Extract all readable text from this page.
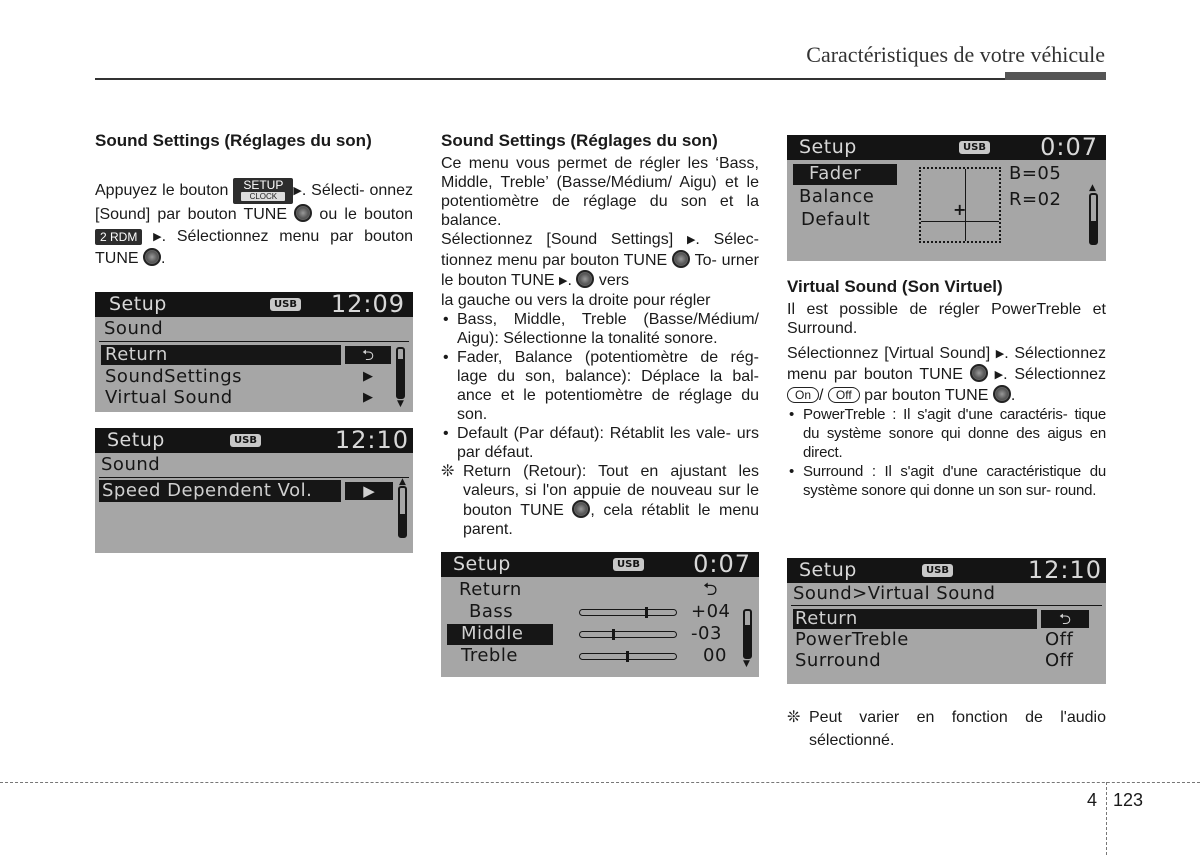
Caractéristiques de votre véhicule
Sound Settings (Réglages du son)
Appuyez le bouton SETUP
CLOCK	▶. Sélecti- onnez [Sound] par bouton TUNE ou le bouton 2 RDM ▶. Sélectionnez menu par bouton TUNE .
Setup	USB 12:09
Sound
Return	⮌
SoundSettings	▶
Virtual Sound	▶	▼
Setup	USB	12:10
Sound
Speed Dependent Vol.	▶	▲
Sound Settings (Réglages du son)
Ce menu vous permet de régler les ‘Bass, Middle, Treble’ (Basse/Médium/ Aigu) et le potentiomètre de réglage du son et la balance.
Sélectionnez [Sound Settings] ▶. Sélec- tionnez menu par bouton TUNE To- urner le bouton TUNE ▶. vers
la gauche ou vers la droite pour régler
• Bass, Middle, Treble (Basse/Médium/ Aigu): Sélectionne la tonalité sonore.
• Fader, Balance (potentiomètre de rég- lage du son, balance): Déplace la bal- ance et le potentiomètre de réglage du son.
• Default (Par défaut): Rétablit les vale- urs par défaut.
❊ Return (Retour): Tout en ajustant les valeurs, si l'on appuie de nouveau sur le bouton TUNE , cela rétablit le menu parent.
Setup	USB 0:07
Return	⮌
Bass	+04
Middle	-03
Treble	00 ▼
Setup	USB 0:07
Fader
Balance
Default	+
B=05
R=02
▲
Virtual Sound (Son Virtuel)
Il est possible de régler PowerTreble et Surround.
Sélectionnez [Virtual Sound] ▶. Sélectionnez menu par bouton TUNE	▶. Sélectionnez On / Off par bouton TUNE .
• PowerTreble : Il s'agit d'une caractéris- tique du système sonore qui donne des aigus en direct.
• Surround : Il s'agit d'une caractéristique du système sonore qui donne un son sur- round.
Setup	USB	12:10
Sound>Virtual Sound
Return	⮌
PowerTreble	Off
Surround	Off
❊ Peut varier en fonction de l'audio sélectionné.
4 123
